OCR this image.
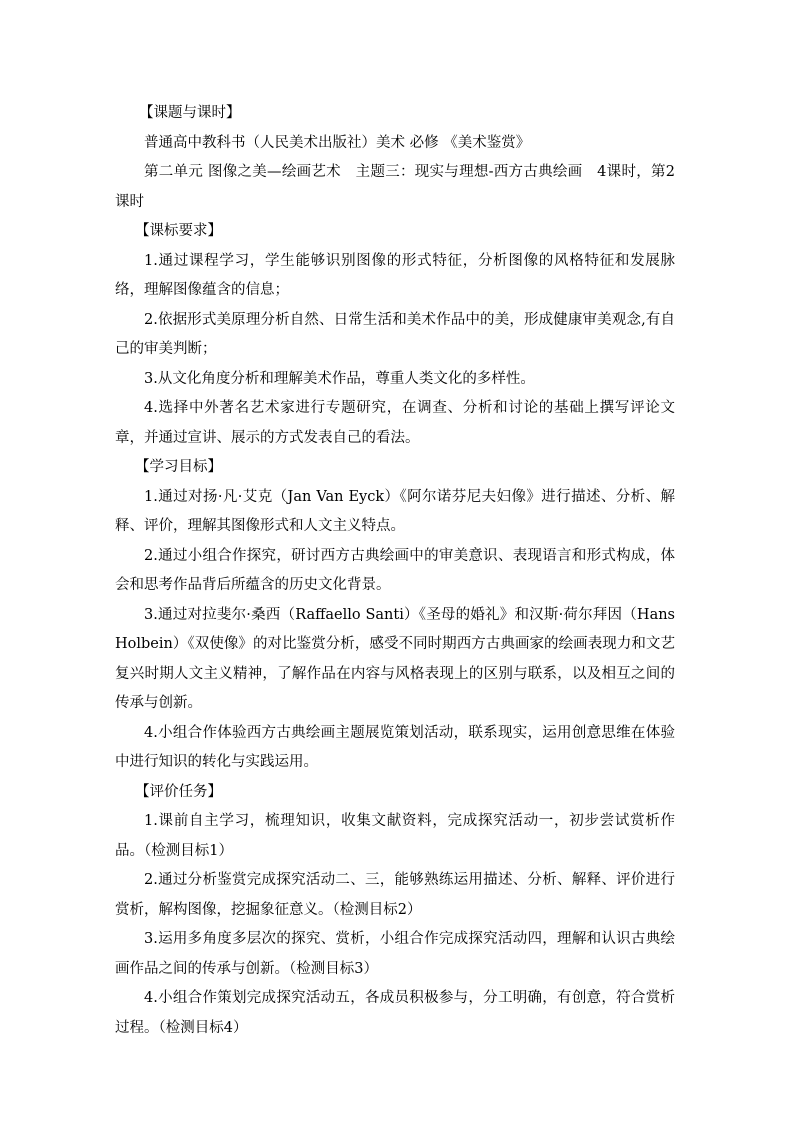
【课题与课时】

普通高中教科书（人民美术出版社）美术 必修 《美术鉴赏》

第二单元 图像之美—绘画艺术　主题三：现实与理想-西方古典绘画　4课时，第2课时

【课标要求】

1.通过课程学习，学生能够识别图像的形式特征，分析图像的风格特征和发展脉络，理解图像蕴含的信息；

2.依据形式美原理分析自然、日常生活和美术作品中的美，形成健康审美观念,有自己的审美判断；

3.从文化角度分析和理解美术作品，尊重人类文化的多样性。

4.选择中外著名艺术家进行专题研究，在调查、分析和讨论的基础上撰写评论文章，并通过宣讲、展示的方式发表自己的看法。

【学习目标】

1.通过对扬·凡·艾克（Jan Van Eyck）《阿尔诺芬尼夫妇像》进行描述、分析、解释、评价，理解其图像形式和人文主义特点。

2.通过小组合作探究，研讨西方古典绘画中的审美意识、表现语言和形式构成，体会和思考作品背后所蕴含的历史文化背景。

3.通过对拉斐尔·桑西（Raffaello Santi）《圣母的婚礼》和汉斯·荷尔拜因（Hans Holbein）《双使像》的对比鉴赏分析，感受不同时期西方古典画家的绘画表现力和文艺复兴时期人文主义精神，了解作品在内容与风格表现上的区别与联系，以及相互之间的传承与创新。

4.小组合作体验西方古典绘画主题展览策划活动，联系现实，运用创意思维在体验中进行知识的转化与实践运用。

【评价任务】

1.课前自主学习，梳理知识，收集文献资料，完成探究活动一，初步尝试赏析作品。（检测目标1）

2.通过分析鉴赏完成探究活动二、三，能够熟练运用描述、分析、解释、评价进行赏析，解构图像，挖掘象征意义。（检测目标2）

3.运用多角度多层次的探究、赏析，小组合作完成探究活动四，理解和认识古典绘画作品之间的传承与创新。（检测目标3）

4.小组合作策划完成探究活动五，各成员积极参与，分工明确，有创意，符合赏析过程。（检测目标4）
